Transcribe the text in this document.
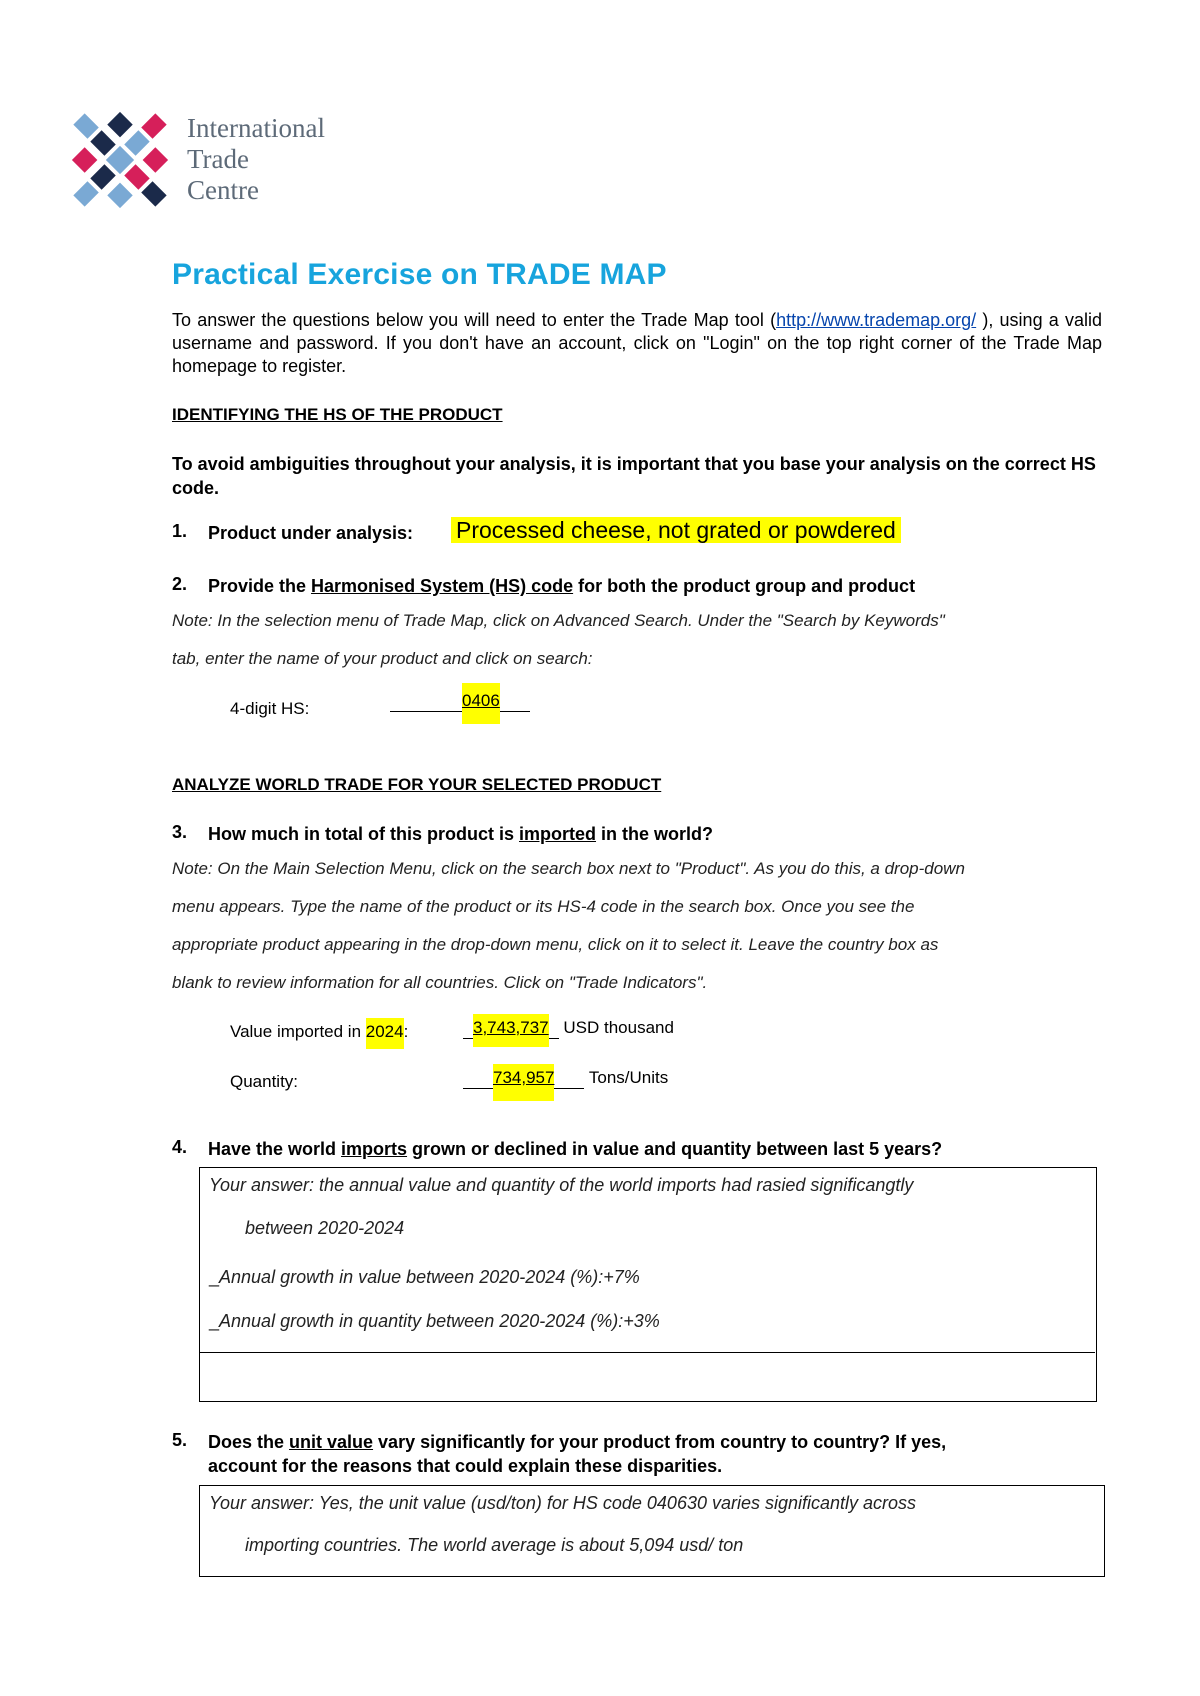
International
Trade
Centre
Practical Exercise on TRADE MAP
To answer the questions below you will need to enter the Trade Map tool (http://www.trademap.org/ ), using a valid username and password. If you don't have an account, click on "Login" on the top right corner of the Trade Map homepage to register.
IDENTIFYING THE HS OF THE PRODUCT
To avoid ambiguities throughout your analysis, it is important that you base your analysis on the correct HS code.
1. Product under analysis: Processed cheese, not grated or powdered
2. Provide the Harmonised System (HS) code for both the product group and product
Note: In the selection menu of Trade Map, click on Advanced Search. Under the "Search by Keywords"
tab, enter the name of your product and click on search:
4-digit HS:	0406
ANALYZE WORLD TRADE FOR YOUR SELECTED PRODUCT
3. How much in total of this product is imported in the world?
Note: On the Main Selection Menu, click on the search box next to "Product". As you do this, a drop-down
menu appears. Type the name of the product or its HS-4 code in the search box. Once you see the
appropriate product appearing in the drop-down menu, click on it to select it. Leave the country box as
blank to review information for all countries. Click on "Trade Indicators".
Value imported in 2024:	3,743,737 USD thousand
Quantity:	734,957 Tons/Units
4. Have the world imports grown or declined in value and quantity between last 5 years?
Your answer: the annual value and quantity of the world imports had rasied significangtly
between 2020-2024
_Annual growth in value between 2020-2024 (%):+7%
_Annual growth in quantity between 2020-2024 (%):+3%
5. Does the unit value vary significantly for your product from country to country? If yes,
account for the reasons that could explain these disparities.
Your answer: Yes, the unit value (usd/ton) for HS code 040630 varies significantly across
importing countries. The world average is about 5,094 usd/ ton
